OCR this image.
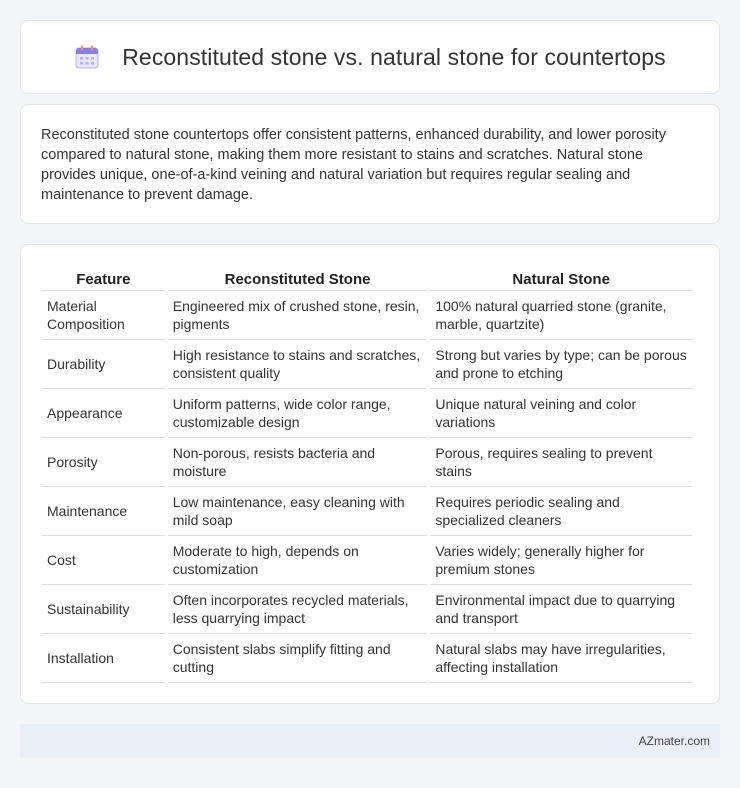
Reconstituted stone vs. natural stone for countertops

Reconstituted stone countertops offer consistent patterns, enhanced durability, and lower porosity compared to natural stone, making them more resistant to stains and scratches. Natural stone provides unique, one-of-a-kind veining and natural variation but requires regular sealing and maintenance to prevent damage.

Feature	Reconstituted Stone	Natural Stone
Material Composition	Engineered mix of crushed stone, resin, pigments	100% natural quarried stone (granite, marble, quartzite)
Durability	High resistance to stains and scratches, consistent quality	Strong but varies by type; can be porous and prone to etching
Appearance	Uniform patterns, wide color range, customizable design	Unique natural veining and color variations
Porosity	Non-porous, resists bacteria and moisture	Porous, requires sealing to prevent stains
Maintenance	Low maintenance, easy cleaning with mild soap	Requires periodic sealing and specialized cleaners
Cost	Moderate to high, depends on customization	Varies widely; generally higher for premium stones
Sustainability	Often incorporates recycled materials, less quarrying impact	Environmental impact due to quarrying and transport
Installation	Consistent slabs simplify fitting and cutting	Natural slabs may have irregularities, affecting installation
AZmater.com
